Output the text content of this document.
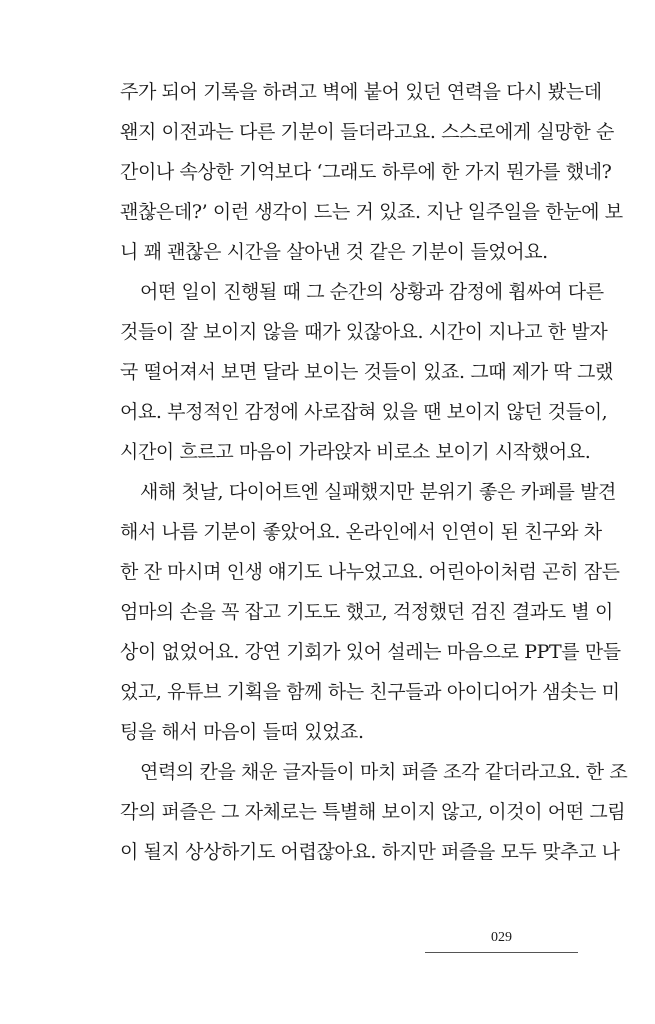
주가 되어 기록을 하려고 벽에 붙어 있던 연력을 다시 봤는데
왠지 이전과는 다른 기분이 들더라고요. 스스로에게 실망한 순
간이나 속상한 기억보다 ‘그래도 하루에 한 가지 뭔가를 했네?
괜찮은데?’ 이런 생각이 드는 거 있죠. 지난 일주일을 한눈에 보
니 꽤 괜찮은 시간을 살아낸 것 같은 기분이 들었어요.
어떤 일이 진행될 때 그 순간의 상황과 감정에 휩싸여 다른
것들이 잘 보이지 않을 때가 있잖아요. 시간이 지나고 한 발자
국 떨어져서 보면 달라 보이는 것들이 있죠. 그때 제가 딱 그랬
어요. 부정적인 감정에 사로잡혀 있을 땐 보이지 않던 것들이,
시간이 흐르고 마음이 가라앉자 비로소 보이기 시작했어요.
새해 첫날, 다이어트엔 실패했지만 분위기 좋은 카페를 발견
해서 나름 기분이 좋았어요. 온라인에서 인연이 된 친구와 차
한 잔 마시며 인생 얘기도 나누었고요. 어린아이처럼 곤히 잠든
엄마의 손을 꼭 잡고 기도도 했고, 걱정했던 검진 결과도 별 이
상이 없었어요. 강연 기회가 있어 설레는 마음으로 PPT를 만들
었고, 유튜브 기획을 함께 하는 친구들과 아이디어가 샘솟는 미
팅을 해서 마음이 들떠 있었죠.
연력의 칸을 채운 글자들이 마치 퍼즐 조각 같더라고요. 한 조
각의 퍼즐은 그 자체로는 특별해 보이지 않고, 이것이 어떤 그림
이 될지 상상하기도 어렵잖아요. 하지만 퍼즐을 모두 맞추고 나
029
